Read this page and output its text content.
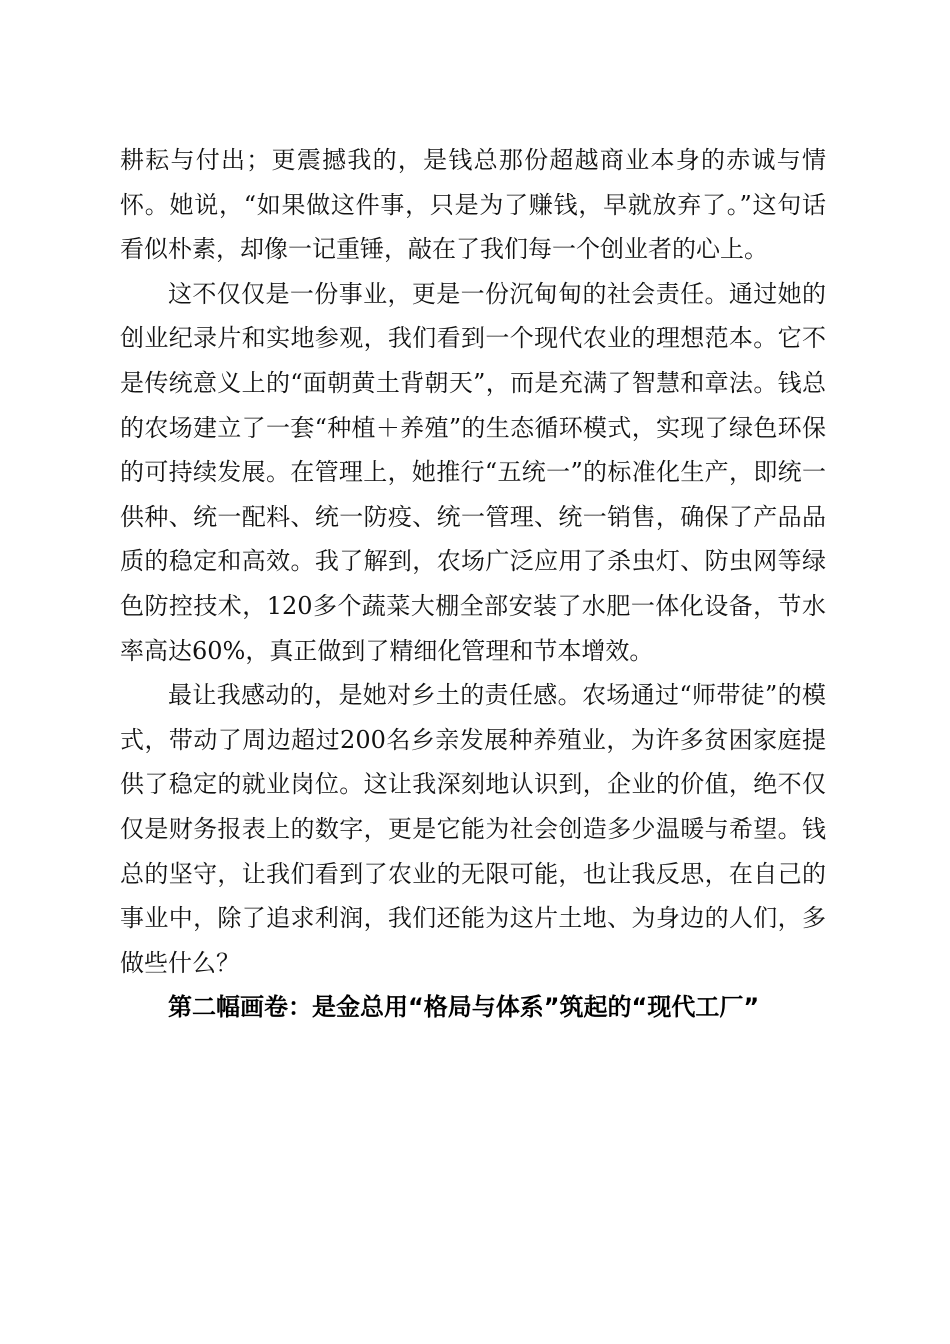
耕耘与付出；更震撼我的，是钱总那份超越商业本身的赤诚与情怀。她说，“如果做这件事，只是为了赚钱，早就放弃了。”这句话看似朴素，却像一记重锤，敲在了我们每一个创业者的心上。

这不仅仅是一份事业，更是一份沉甸甸的社会责任。通过她的创业纪录片和实地参观，我们看到一个现代农业的理想范本。它不是传统意义上的“面朝黄土背朝天”，而是充满了智慧和章法。钱总的农场建立了一套“种植＋养殖”的生态循环模式，实现了绿色环保的可持续发展。在管理上，她推行“五统一”的标准化生产，即统一供种、统一配料、统一防疫、统一管理、统一销售，确保了产品品质的稳定和高效。我了解到，农场广泛应用了杀虫灯、防虫网等绿色防控技术，120多个蔬菜大棚全部安装了水肥一体化设备，节水率高达60%，真正做到了精细化管理和节本增效。

最让我感动的，是她对乡土的责任感。农场通过“师带徒”的模式，带动了周边超过200名乡亲发展种养殖业，为许多贫困家庭提供了稳定的就业岗位。这让我深刻地认识到，企业的价值，绝不仅仅是财务报表上的数字，更是它能为社会创造多少温暖与希望。钱总的坚守，让我们看到了农业的无限可能，也让我反思，在自己的事业中，除了追求利润，我们还能为这片土地、为身边的人们，多做些什么？

第二幅画卷：是金总用“格局与体系”筑起的“现代工厂”
